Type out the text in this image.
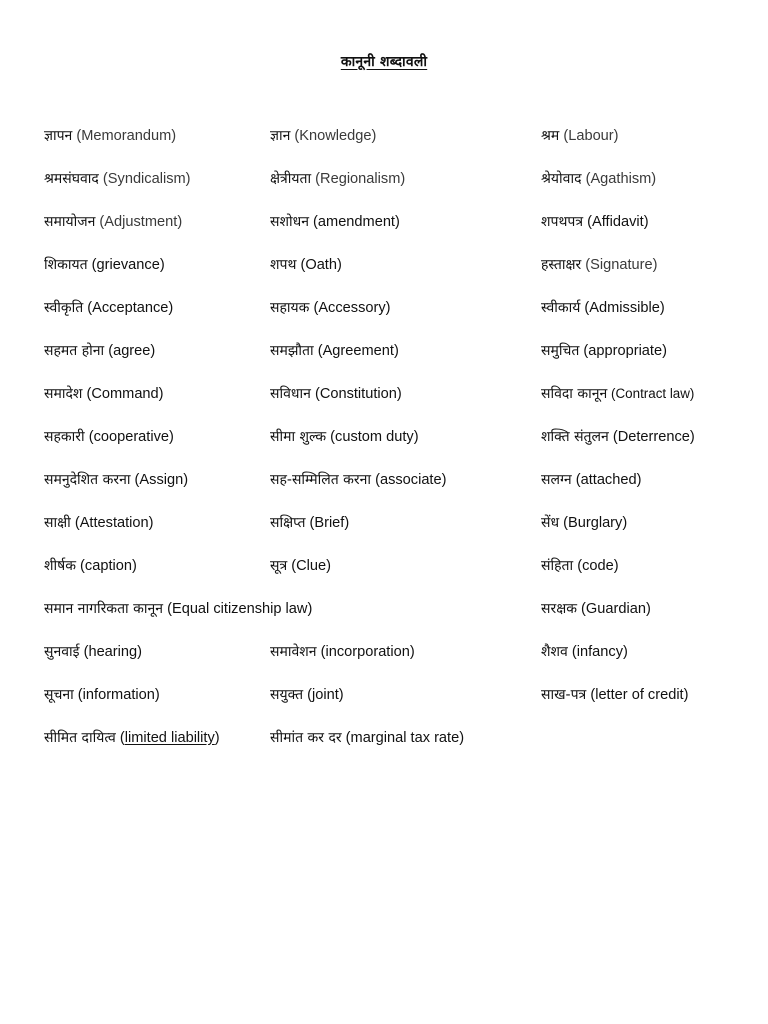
कानूनी शब्दावली
ज्ञापन (Memorandum)	ज्ञान (Knowledge)	श्रम (Labour)
श्रमसंघवाद (Syndicalism)	क्षेत्रीयता (Regionalism)	श्रेयोवाद (Agathism)
समायोजन (Adjustment)	सशोधन (amendment)	शपथपत्र (Affidavit)
शिकायत (grievance)	शपथ (Oath)	हस्ताक्षर (Signature)
स्वीकृति (Acceptance)	सहायक (Accessory)	स्वीकार्य (Admissible)
सहमत होना (agree)	समझौता (Agreement)	समुचित (appropriate)
समादेश (Command)	सविधान (Constitution)	सविदा कानून (Contract law)
सहकारी (cooperative)	सीमा शुल्क (custom duty)	शक्ति संतुलन (Deterrence)
समनुदेशित करना (Assign)	सह-सम्मिलित करना (associate)	सलग्न (attached)
साक्षी (Attestation)	सक्षिप्त (Brief)	सेंध (Burglary)
शीर्षक (caption)	सूत्र (Clue)	संहिता (code)
समान नागरिकता कानून (Equal citizenship law)	सरक्षक (Guardian)
सुनवाई (hearing)	समावेशन (incorporation)	शैशव (infancy)
सूचना (information)	सयुक्त (joint)	साख-पत्र (letter of credit)
सीमित दायित्व (limited liability)	सीमांत कर दर (marginal tax rate)
